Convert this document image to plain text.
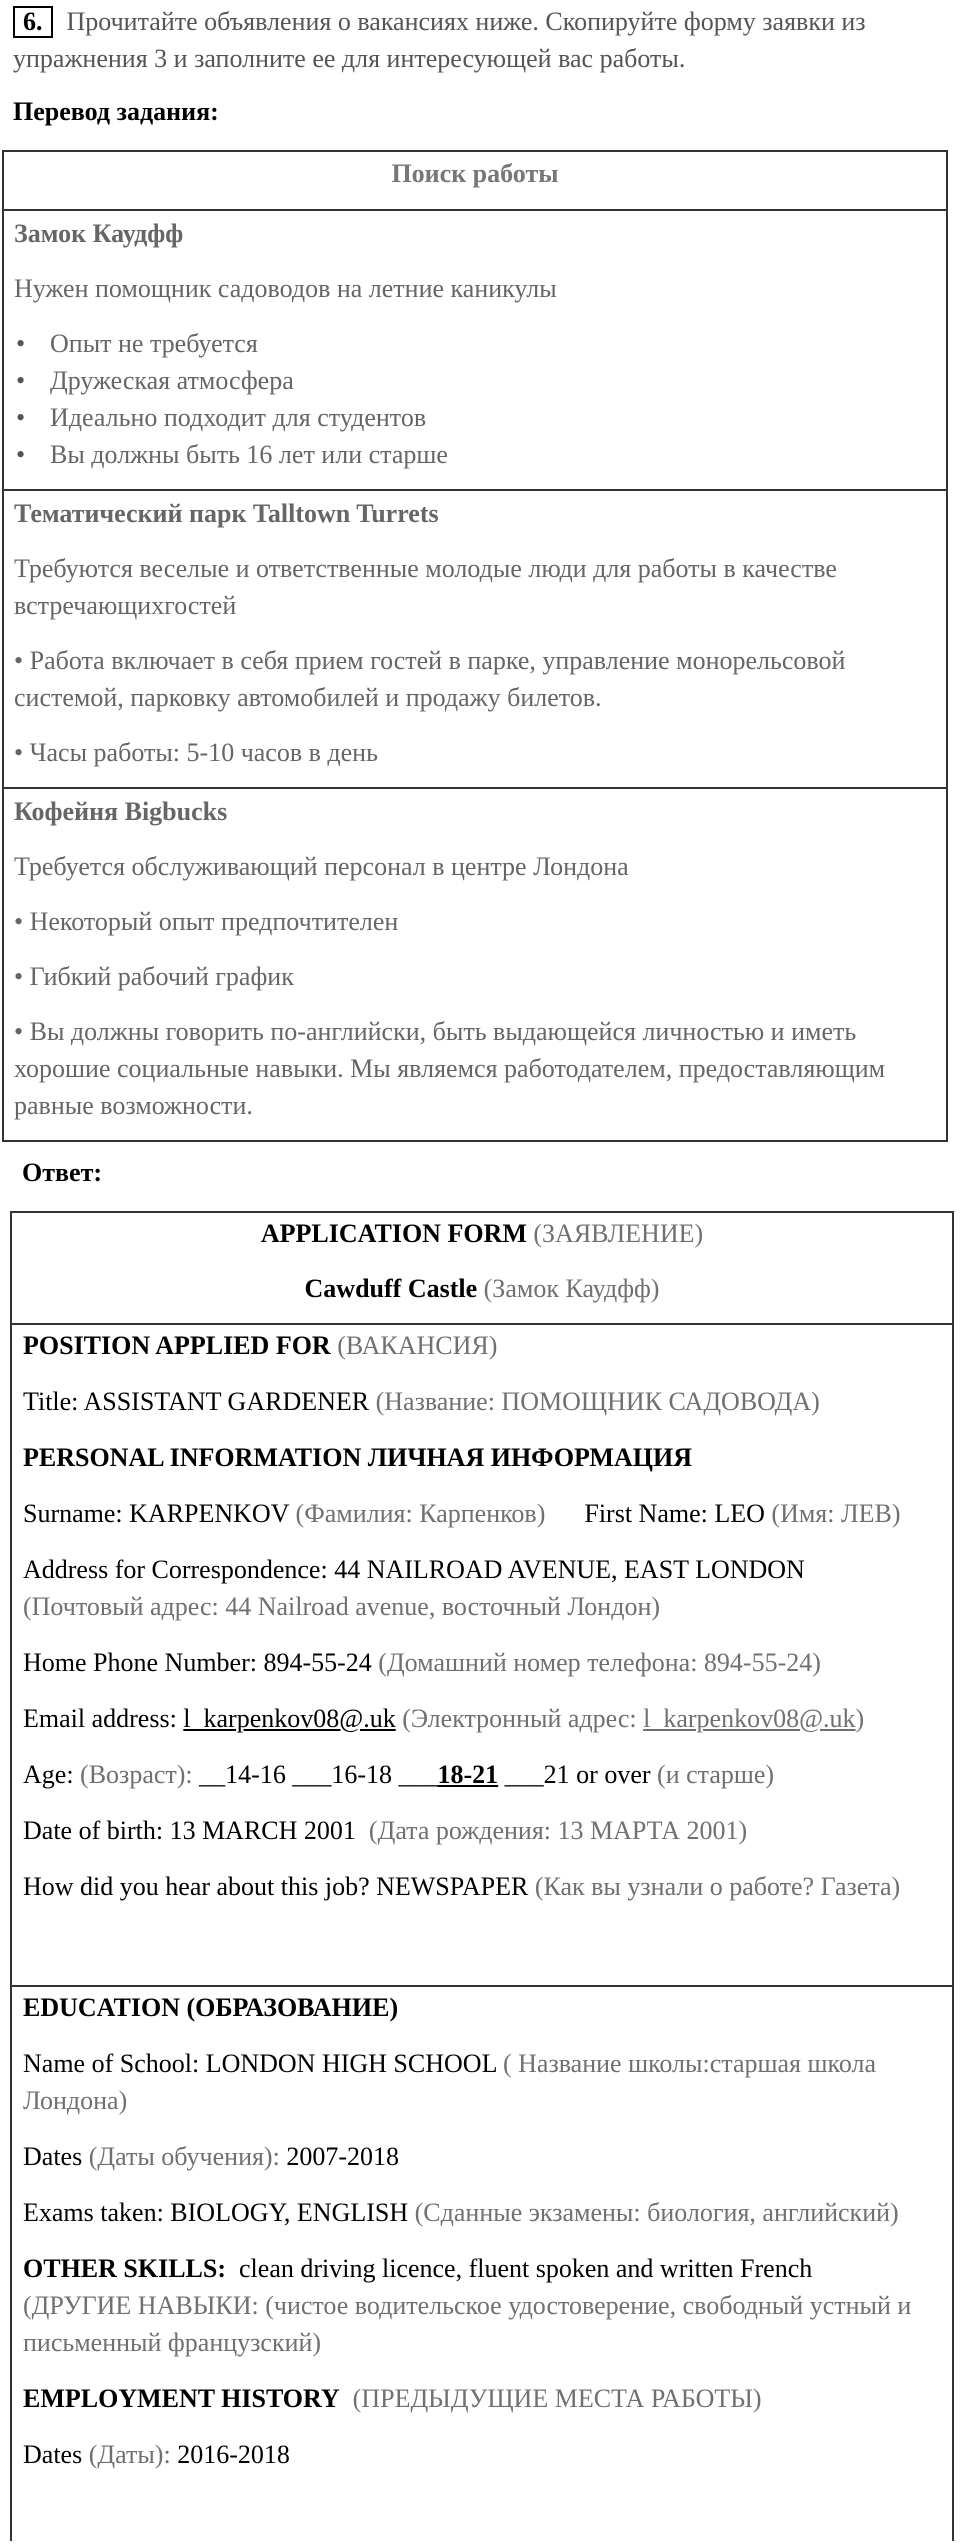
6. Прочитайте объявления о вакансиях ниже. Скопируйте форму заявки из упражнения 3 и заполните ее для интересующей вас работы.
Перевод задания:
Поиск работы

Замок Каудфф

Нужен помощник садоводов на летние каникулы

• Опыт не требуется

• Дружеская атмосфера

• Идеально подходит для студентов

• Вы должны быть 16 лет или старше

Тематический парк Talltown Turrets

Требуются веселые и ответственные молодые люди для работы в качестве встречающихгостей

• Работа включает в себя прием гостей в парке, управление монорельсовой системой, парковку автомобилей и продажу билетов.

• Часы работы: 5-10 часов в день

Кофейня Bigbucks

Требуется обслуживающий персонал в центре Лондона

• Некоторый опыт предпочтителен

• Гибкий рабочий график

• Вы должны говорить по-английски, быть выдающейся личностью и иметь хорошие социальные навыки. Мы являемся работодателем, предоставляющим равные возможности.

Ответ:

APPLICATION FORM (ЗАЯВЛЕНИЕ)

Cawduff Castle (Замок Каудфф)

POSITION APPLIED FOR (ВАКАНСИЯ)

Title: ASSISTANT GARDENER (Название: ПОМОЩНИК САДОВОДА)

PERSONAL INFORMATION ЛИЧНАЯ ИНФОРМАЦИЯ

Surname: KARPENKOV (Фамилия: Карпенков) First Name: LEO (Имя: ЛЕВ)

Address for Correspondence: 44 NAILROAD AVENUE, EAST LONDON
(Почтовый адрес: 44 Nailroad avenue, восточный Лондон)

Home Phone Number: 894-55-24 (Домашний номер телефона: 894-55-24)

Email address: l_karpenkov08@.uk (Электронный адрес: l_karpenkov08@.uk)

Age: (Возраст): __14-16 ___16-18 ___18-21 ___21 or over (и старше)

Date of birth: 13 MARCH 2001 (Дата рождения: 13 МАРТА 2001)

How did you hear about this job? NEWSPAPER (Как вы узнали о работе? Газета)

EDUCATION (ОБРАЗОВАНИЕ)

Name of School: LONDON HIGH SCHOOL ( Название школы:старшая школа Лондона)

Dates (Даты обучения): 2007-2018

Exams taken: BIOLOGY, ENGLISH (Сданные экзамены: биология, английский)

OTHER SKILLS: clean driving licence, fluent spoken and written French
(ДРУГИЕ НАВЫКИ: (чистое водительское удостоверение, свободный устный и письменный французский)

EMPLOYMENT HISTORY (ПРЕДЫДУЩИЕ МЕСТА РАБОТЫ)

Dates (Даты): 2016-2018
